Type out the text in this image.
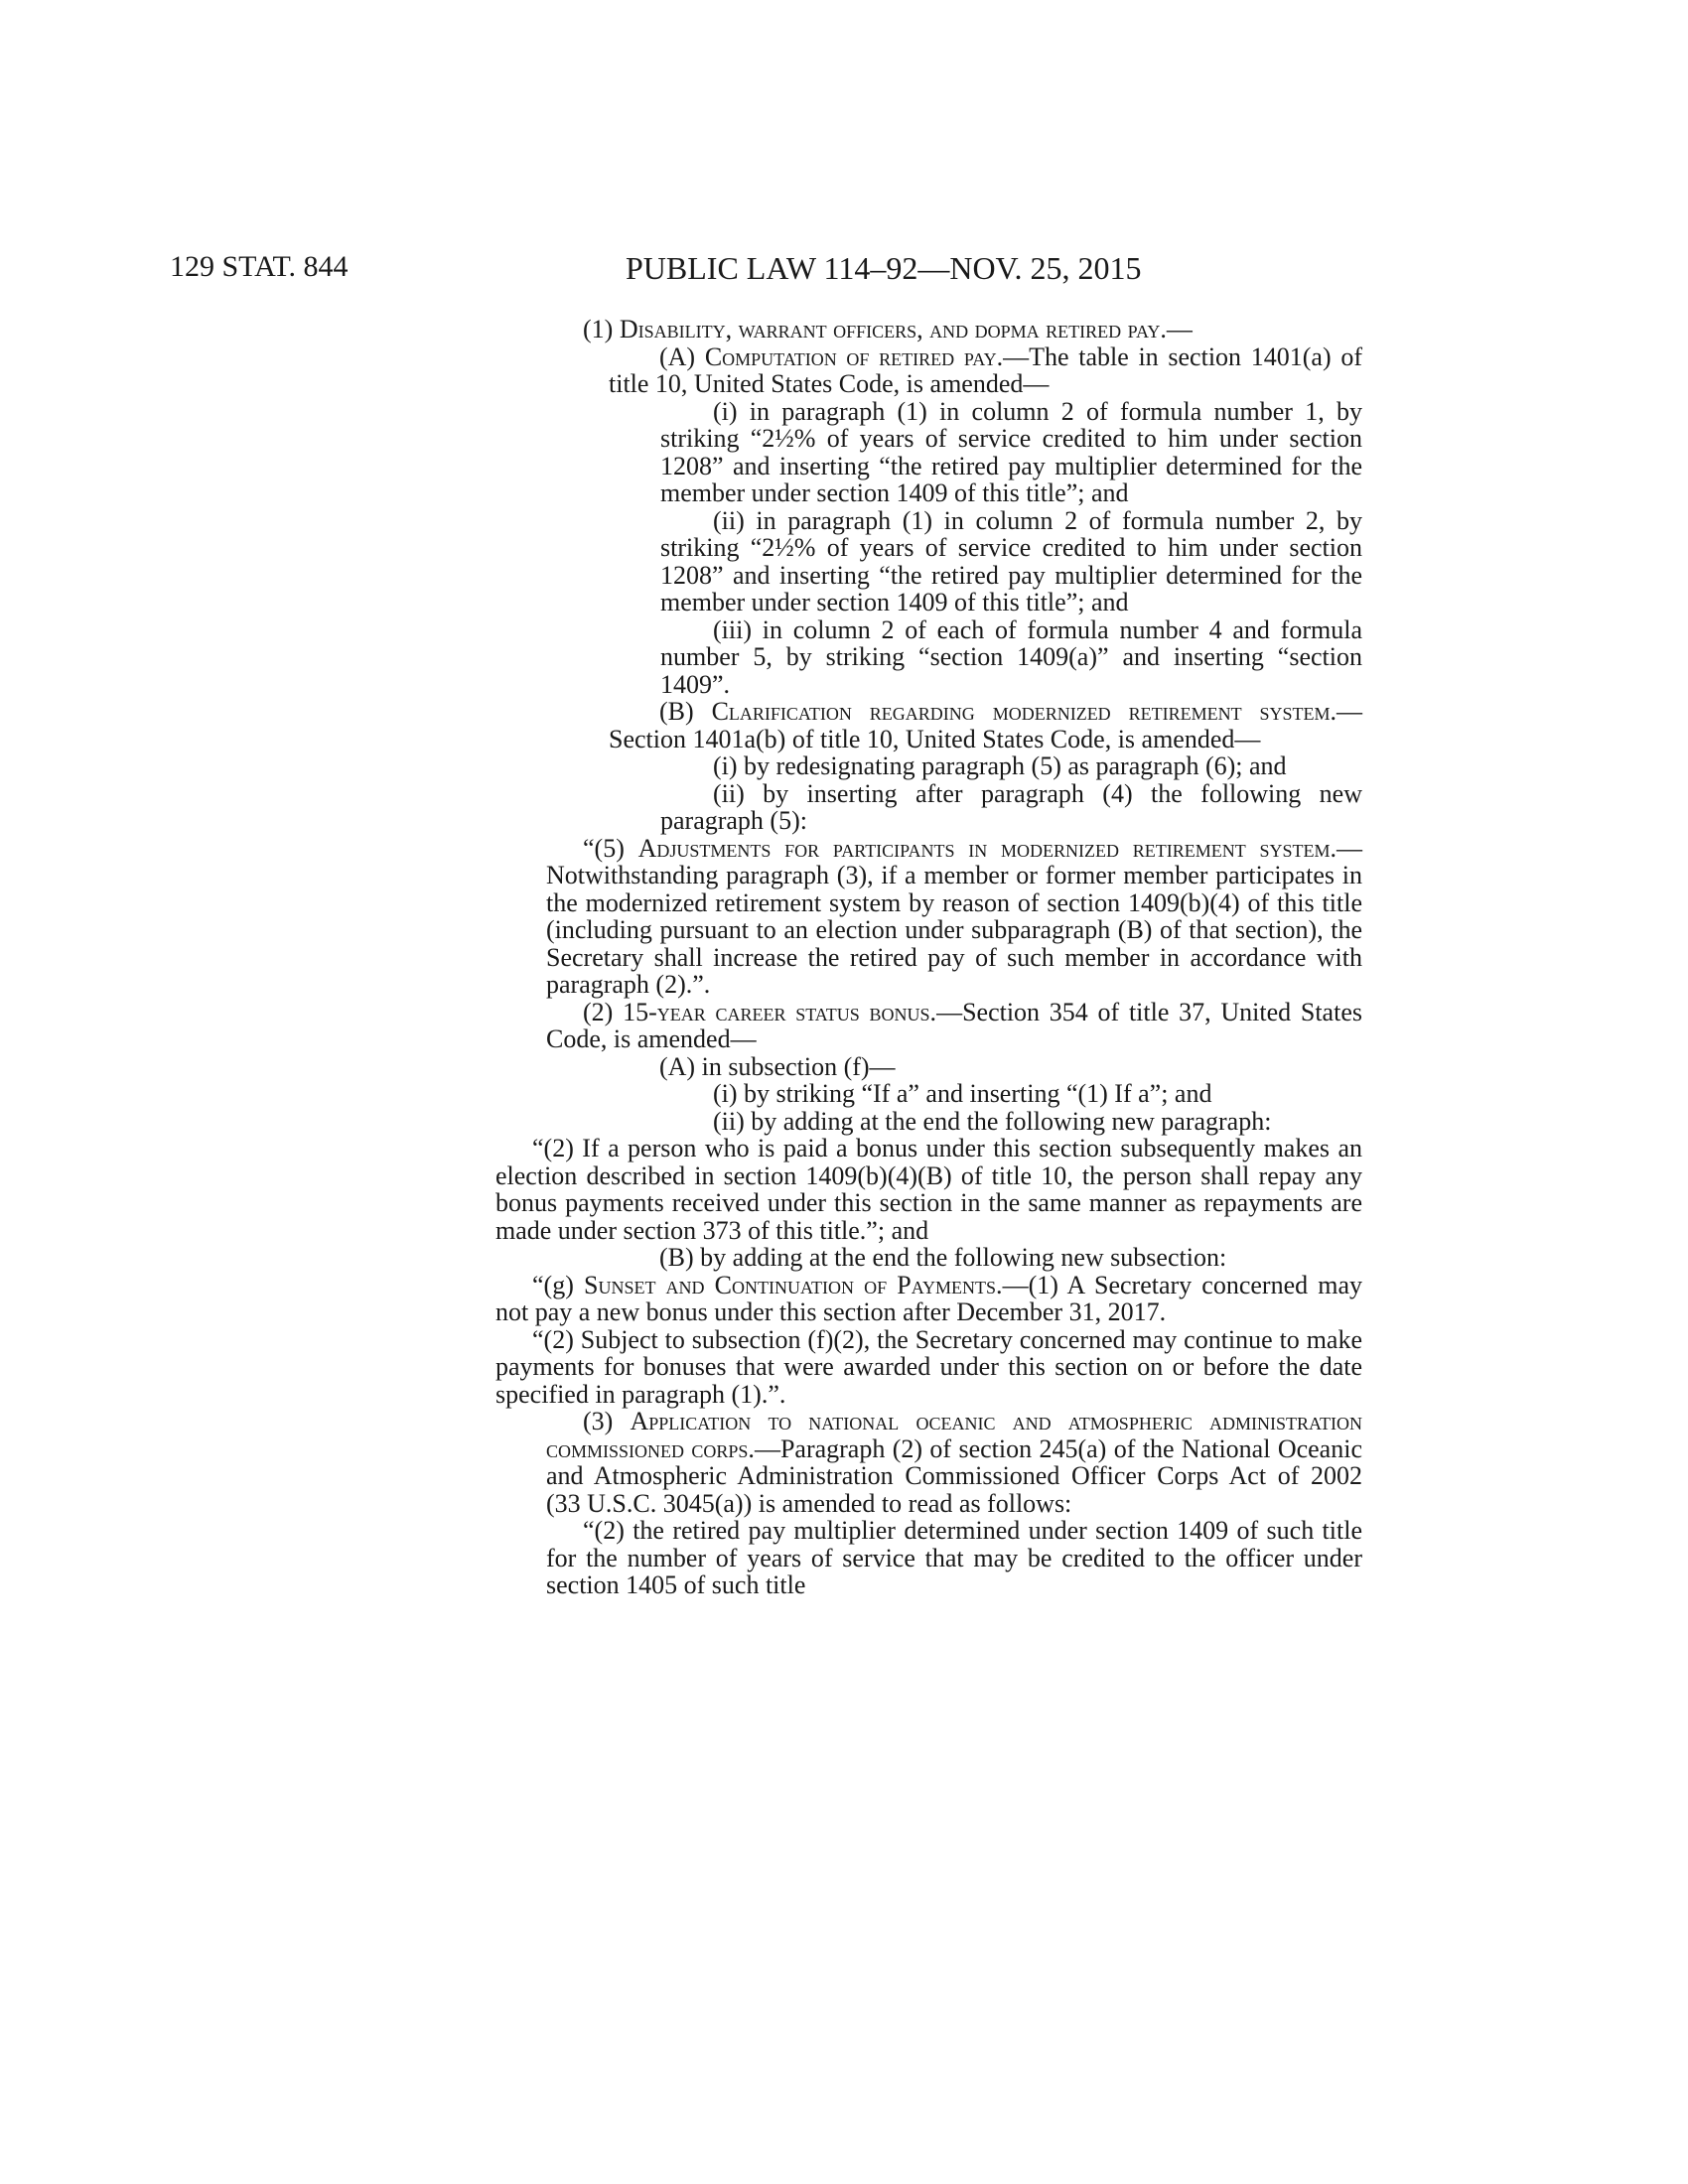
129 STAT. 844	PUBLIC LAW 114–92—NOV. 25, 2015

(1) Disability, warrant officers, and dopma retired pay.—

(A) Computation of retired pay.—The table in section 1401(a) of title 10, United States Code, is amended—

(i) in paragraph (1) in column 2 of formula number 1, by striking “2½% of years of service credited to him under section 1208” and inserting “the retired pay multiplier determined for the member under section 1409 of this title”; and

(ii) in paragraph (1) in column 2 of formula number 2, by striking “2½% of years of service credited to him under section 1208” and inserting “the retired pay multiplier determined for the member under section 1409 of this title”; and

(iii) in column 2 of each of formula number 4 and formula number 5, by striking “section 1409(a)” and inserting “section 1409”.

(B) Clarification regarding modernized retirement system.—Section 1401a(b) of title 10, United States Code, is amended—

(i) by redesignating paragraph (5) as paragraph (6); and

(ii) by inserting after paragraph (4) the following new paragraph (5):

“(5) Adjustments for participants in modernized retirement system.—Notwithstanding paragraph (3), if a member or former member participates in the modernized retirement system by reason of section 1409(b)(4) of this title (including pursuant to an election under subparagraph (B) of that section), the Secretary shall increase the retired pay of such member in accordance with paragraph (2).”.

(2) 15-year career status bonus.—Section 354 of title 37, United States Code, is amended—

(A) in subsection (f)—

(i) by striking “If a” and inserting “(1) If a”; and

(ii) by adding at the end the following new paragraph:

“(2) If a person who is paid a bonus under this section subsequently makes an election described in section 1409(b)(4)(B) of title 10, the person shall repay any bonus payments received under this section in the same manner as repayments are made under section 373 of this title.”; and

(B) by adding at the end the following new subsection:

“(g) Sunset and Continuation of Payments.—(1) A Secretary concerned may not pay a new bonus under this section after December 31, 2017.

“(2) Subject to subsection (f)(2), the Secretary concerned may continue to make payments for bonuses that were awarded under this section on or before the date specified in paragraph (1).”.

(3) Application to national oceanic and atmospheric administration commissioned corps.—Paragraph (2) of section 245(a) of the National Oceanic and Atmospheric Administration Commissioned Officer Corps Act of 2002 (33 U.S.C. 3045(a)) is amended to read as follows:

“(2) the retired pay multiplier determined under section 1409 of such title for the number of years of service that may be credited to the officer under section 1405 of such title
